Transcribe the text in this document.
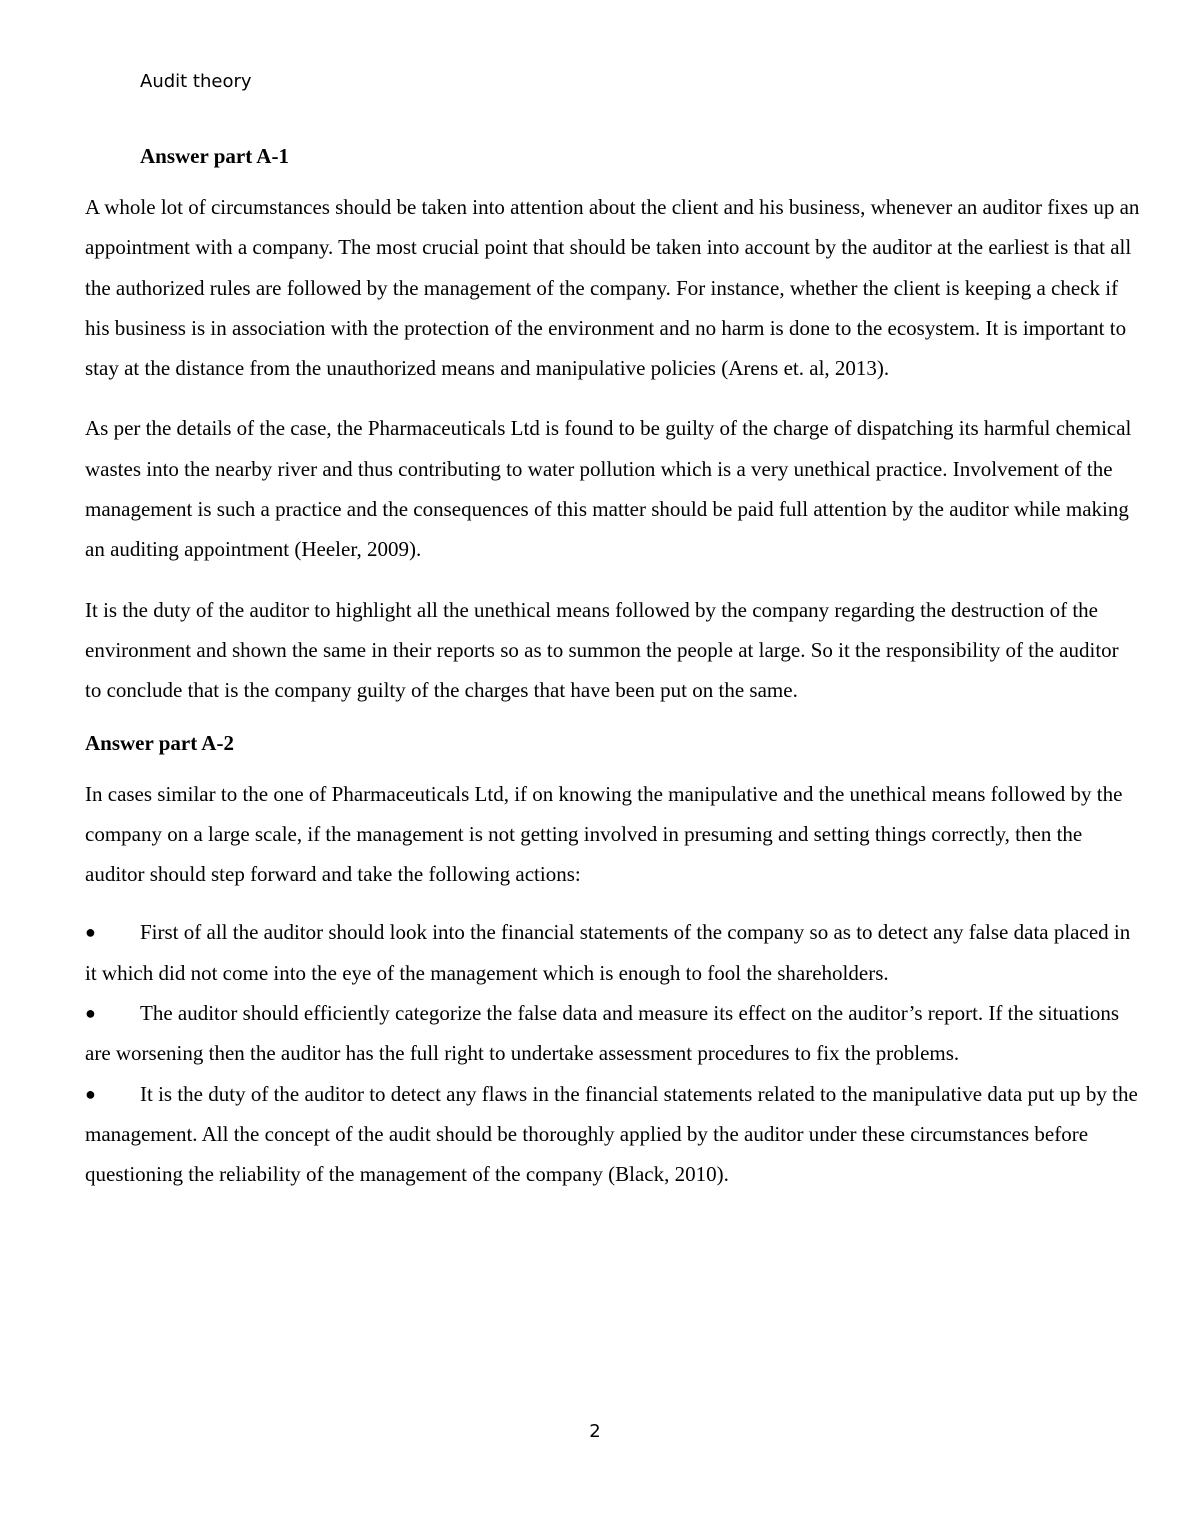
Audit theory

Answer part A-1

A whole lot of circumstances should be taken into attention about the client and his business, whenever an auditor fixes up an appointment with a company. The most crucial point that should be taken into account by the auditor at the earliest is that all the authorized rules are followed by the management of the company. For instance, whether the client is keeping a check if his business is in association with the protection of the environment and no harm is done to the ecosystem. It is important to stay at the distance from the unauthorized means and manipulative policies (Arens et. al, 2013).

As per the details of the case, the Pharmaceuticals Ltd is found to be guilty of the charge of dispatching its harmful chemical wastes into the nearby river and thus contributing to water pollution which is a very unethical practice. Involvement of the management is such a practice and the consequences of this matter should be paid full attention by the auditor while making an auditing appointment (Heeler, 2009).

It is the duty of the auditor to highlight all the unethical means followed by the company regarding the destruction of the environment and shown the same in their reports so as to summon the people at large. So it the responsibility of the auditor to conclude that is the company guilty of the charges that have been put on the same.

Answer part A-2

In cases similar to the one of Pharmaceuticals Ltd, if on knowing the manipulative and the unethical means followed by the company on a large scale, if the management is not getting involved in presuming and setting things correctly, then the auditor should step forward and take the following actions:

● First of all the auditor should look into the financial statements of the company so as to detect any false data placed in it which did not come into the eye of the management which is enough to fool the shareholders.
● The auditor should efficiently categorize the false data and measure its effect on the auditor’s report. If the situations are worsening then the auditor has the full right to undertake assessment procedures to fix the problems.
● It is the duty of the auditor to detect any flaws in the financial statements related to the manipulative data put up by the management. All the concept of the audit should be thoroughly applied by the auditor under these circumstances before questioning the reliability of the management of the company (Black, 2010).

2
